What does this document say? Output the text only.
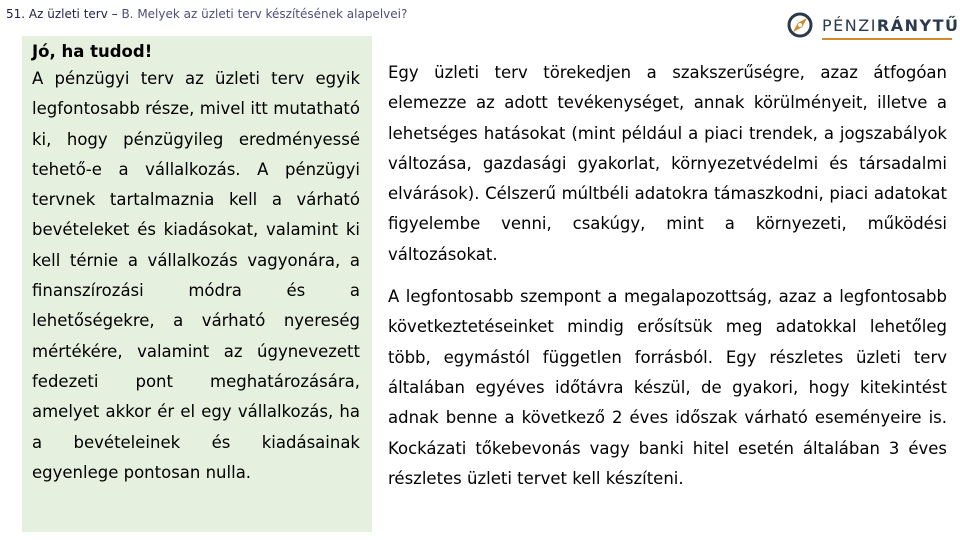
51. Az üzleti terv – B. Melyek az üzleti terv készítésének alapelvei?
PÉNZIRÁNYTŰ
Jó, ha tudod!
A pénzügyi terv az üzleti terv egyik legfontosabb része, mivel itt mutatható ki, hogy pénzügyileg eredményessé tehető-e a vállalkozás. A pénzügyi tervnek tartalmaznia kell a várható bevételeket és kiadásokat, valamint ki kell térnie a vállalkozás vagyonára, a finanszírozási módra és a lehetőségekre, a várható nyereség mértékére, valamint az úgynevezett fedezeti pont meghatározására, amelyet akkor ér el egy vállalkozás, ha a bevételeinek és kiadásainak egyenlege pontosan nulla.

Egy üzleti terv törekedjen a szakszerűségre, azaz átfogóan elemezze az adott tevékenységet, annak körülményeit, illetve a lehetséges hatásokat (mint például a piaci trendek, a jogszabályok változása, gazdasági gyakorlat, környezetvédelmi és társadalmi elvárások). Célszerű múltbéli adatokra támaszkodni, piaci adatokat figyelembe venni, csakúgy, mint a környezeti, működési változásokat.

A legfontosabb szempont a megalapozottság, azaz a legfontosabb következtetéseinket mindig erősítsük meg adatokkal lehetőleg több, egymástól független forrásból. Egy részletes üzleti terv általában egyéves időtávra készül, de gyakori, hogy kitekintést adnak benne a következő 2 éves időszak várható eseményeire is. Kockázati tőkebevonás vagy banki hitel esetén általában 3 éves részletes üzleti tervet kell készíteni.
